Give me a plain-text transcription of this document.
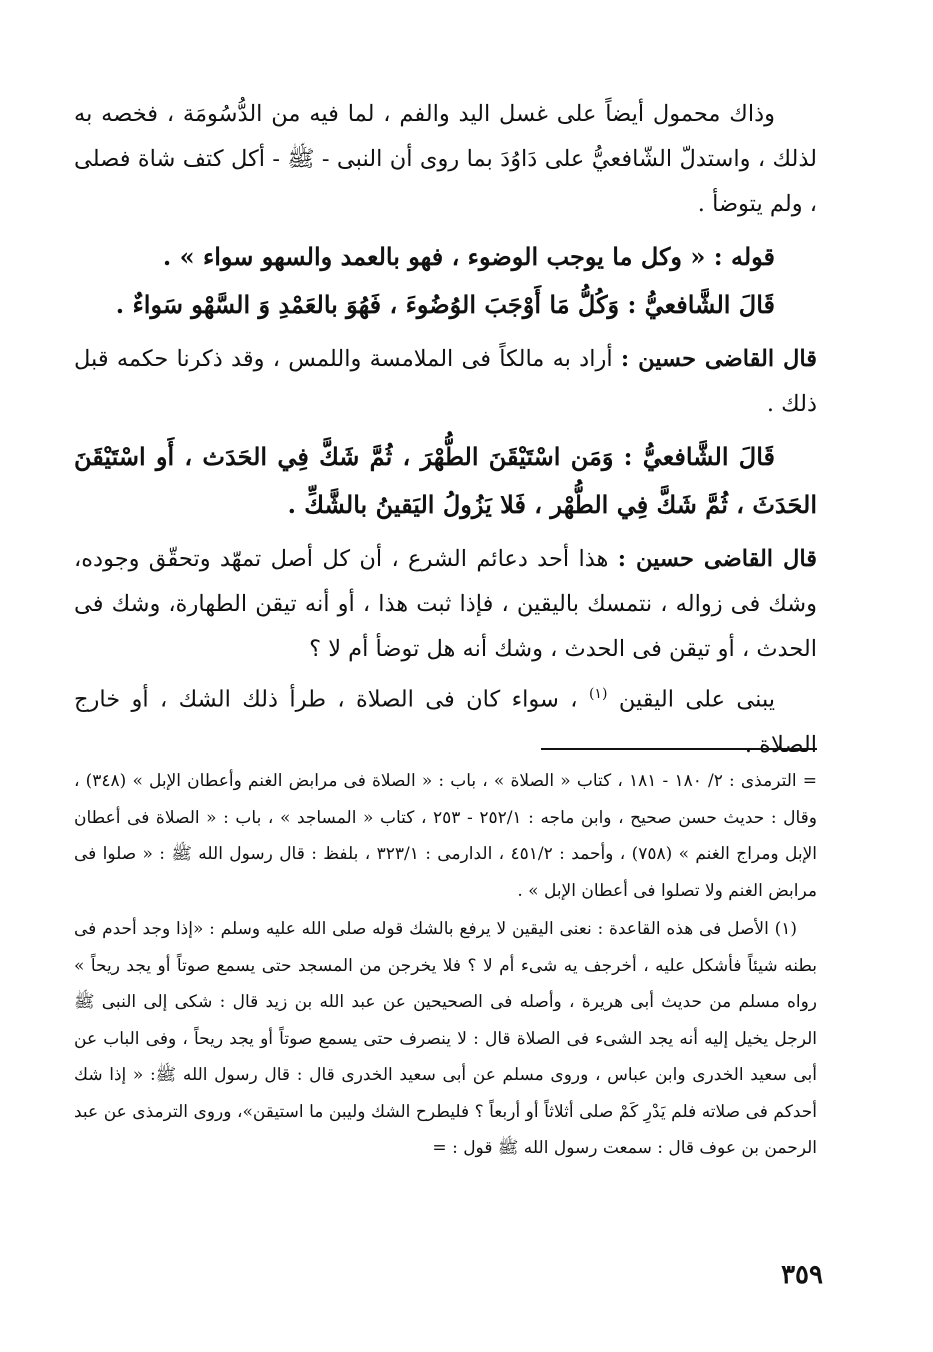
وذاك محمول أيضاً على غسل اليد والفم ، لما فيه من الدُّسُومَة ، فخصه به لذلك ، واستدلّ الشّافعيُّ على دَاوُدَ بما روى أن النبى - ﷺ - أكل كتف شاة فصلى ، ولم يتوضأ .

قوله : « وكل ما يوجب الوضوء ، فهو بالعمد والسهو سواء » .

قَالَ الشَّافعيُّ : وَكُلُّ مَا أَوْجَبَ الوُضُوءَ ، فَهُوَ بالعَمْدِ وَ السَّهْو سَواءٌ .

قال القاضى حسين : أراد به مالكاً فى الملامسة واللمس ، وقد ذكرنا حكمه قبل ذلك .

قَالَ الشَّافعيُّ : وَمَن اسْتَيْقَنَ الطُّهْرَ ، ثُمَّ شَكَّ فِي الحَدَث ، أَو اسْتَيْقَنَ الحَدَثَ ، ثُمَّ شَكَّ فِي الطُّهْر ، فَلا يَزُولُ اليَقينُ بالشَّكِّ .

قال القاضى حسين : هذا أحد دعائم الشرع ، أن كل أصل تمهّد وتحقّق وجوده، وشك فى زواله ، نتمسك باليقين ، فإذا ثبت هذا ، أو أنه تيقن الطهارة، وشك فى الحدث ، أو تيقن فى الحدث ، وشك أنه هل توضأ أم لا ؟

يبنى على اليقين $^{(١)}$ ، سواء كان فى الصلاة ، طرأ ذلك الشك ، أو خارج الصلاة .

= الترمذى : ٢/ ١٨٠ - ١٨١ ، كتاب « الصلاة » ، باب : « الصلاة فى مرابض الغنم وأعطان الإبل » (٣٤٨) ، وقال : حديث حسن صحيح ، وابن ماجه : ٢٥٢/١ - ٢٥٣ ، كتاب « المساجد » ، باب : « الصلاة فى أعطان الإبل ومراج الغنم » (٧٥٨) ، وأحمد : ٤٥١/٢ ، الدارمى : ٣٢٣/١ ، بلفظ : قال رسول الله ﷺ : « صلوا فى مرابض الغنم ولا تصلوا فى أعطان الإبل » .

(١) الأصل فى هذه القاعدة : نعنى اليقين لا يرفع بالشك قوله صلى الله عليه وسلم : «إذا وجد أحدم فى بطنه شيئاً فأشكل عليه ، أخرجف يه شىء أم لا ؟ فلا يخرجن من المسجد حتى يسمع صوتاً أو يجد ريحاً » رواه مسلم من حديث أبى هريرة ، وأصله فى الصحيحين عن عبد الله بن زيد قال : شكى إلى النبى ﷺ الرجل يخيل إليه أنه يجد الشىء فى الصلاة قال : لا ينصرف حتى يسمع صوتاً أو يجد ريحاً ، وفى الباب عن أبى سعيد الخدرى وابن عباس ، وروى مسلم عن أبى سعيد الخدرى قال : قال رسول الله ﷺ: « إذا شك أحدكم فى صلاته فلم يَدْرِ كَمْ صلى أثلاثاً أو أربعاً ؟ فليطرح الشك وليبن ما استيقن»، وروى الترمذى عن عبد الرحمن بن عوف قال : سمعت رسول الله ﷺ قول : =

٣٥٩
